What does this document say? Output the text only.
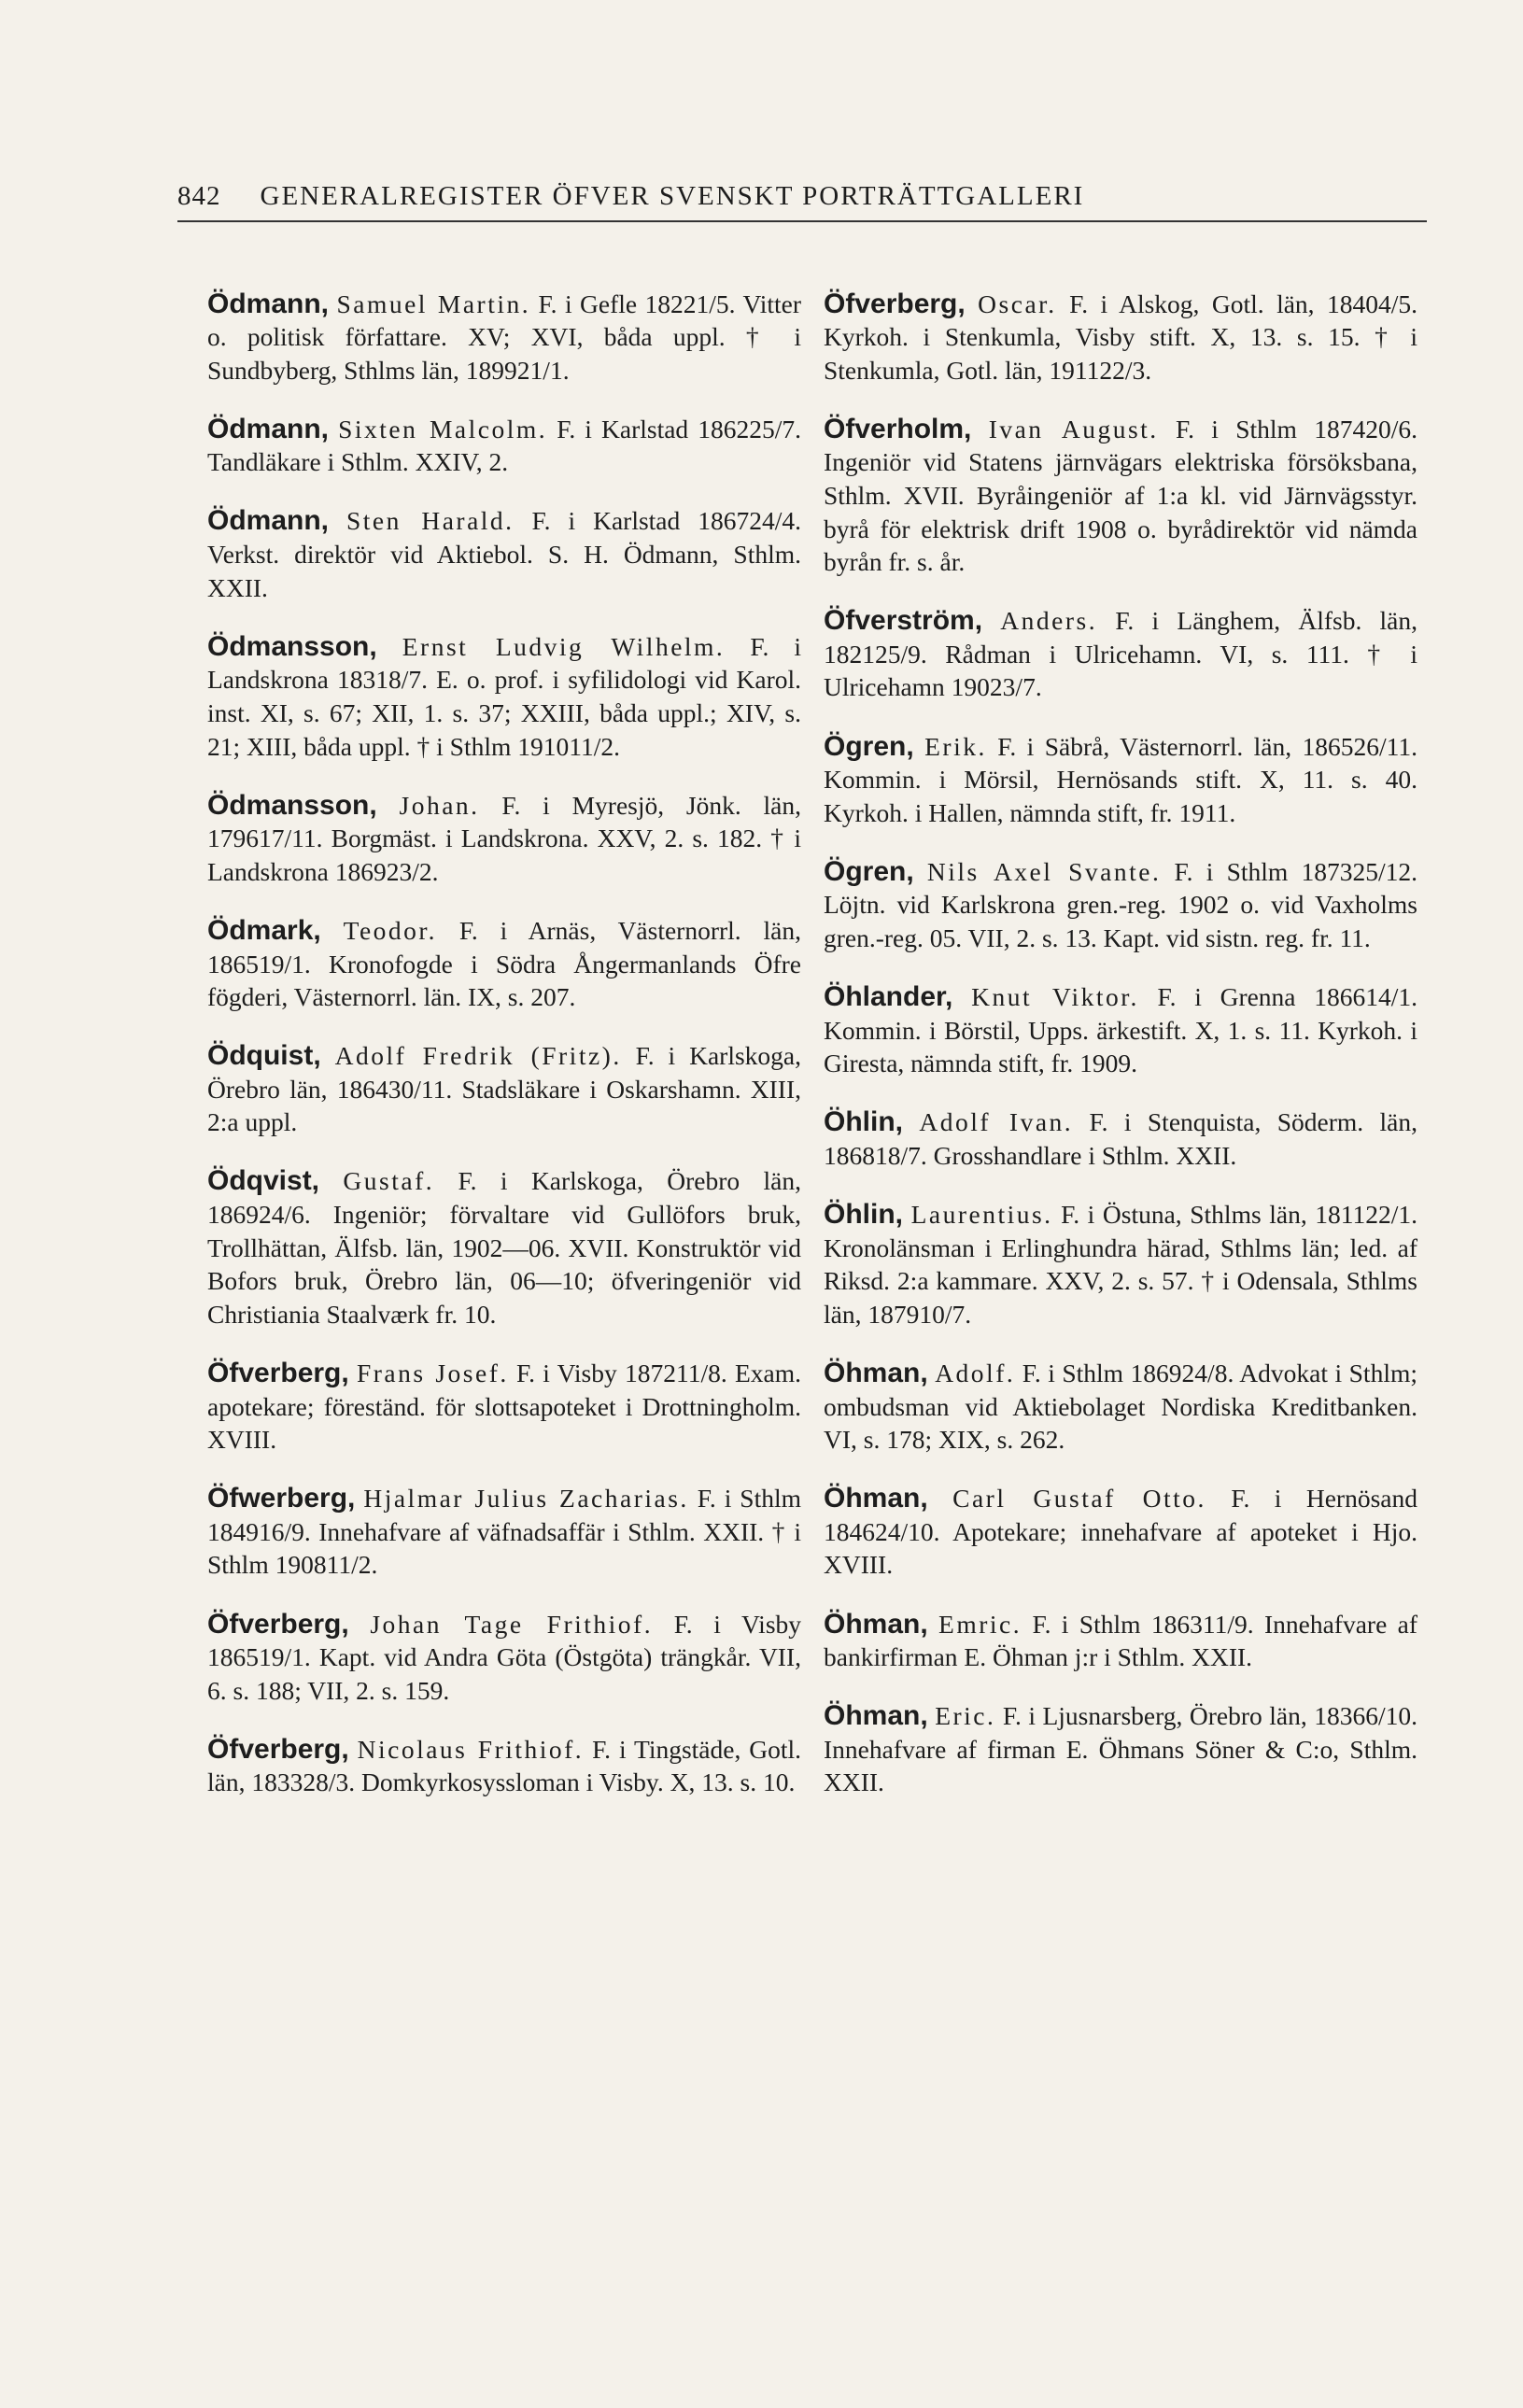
842 GENERALREGISTER ÖFVER SVENSKT PORTRÄTTGALLERI

Ödmann, Samuel Martin. F. i Gefle 18221/5. Vitter o. politisk författare. XV; XVI, båda uppl. † i Sundbyberg, Sthlms län, 189921/1.

Ödmann, Sixten Malcolm. F. i Karlstad 186225/7. Tandläkare i Sthlm. XXIV, 2.

Ödmann, Sten Harald. F. i Karlstad 186724/4. Verkst. direktör vid Aktiebol. S. H. Ödmann, Sthlm. XXII.

Ödmansson, Ernst Ludvig Wilhelm. F. i Landskrona 18318/7. E. o. prof. i syfilidologi vid Karol. inst. XI, s. 67; XII, 1. s. 37; XXIII, båda uppl.; XIV, s. 21; XIII, båda uppl. † i Sthlm 191011/2.

Ödmansson, Johan. F. i Myresjö, Jönk. län, 179617/11. Borgmäst. i Landskrona. XXV, 2. s. 182. † i Landskrona 186923/2.

Ödmark, Teodor. F. i Arnäs, Västernorrl. län, 186519/1. Kronofogde i Södra Ångermanlands Öfre fögderi, Västernorrl. län. IX, s. 207.

Ödquist, Adolf Fredrik (Fritz). F. i Karlskoga, Örebro län, 186430/11. Stadsläkare i Oskarshamn. XIII, 2:a uppl.

Ödqvist, Gustaf. F. i Karlskoga, Örebro län, 186924/6. Ingeniör; förvaltare vid Gullöfors bruk, Trollhättan, Älfsb. län, 1902—06. XVII. Konstruktör vid Bofors bruk, Örebro län, 06—10; öfveringeniör vid Christiania Staalværk fr. 10.

Öfverberg, Frans Josef. F. i Visby 187211/8. Exam. apotekare; föreständ. för slottsapoteket i Drottningholm. XVIII.

Öfwerberg, Hjalmar Julius Zacharias. F. i Sthlm 184916/9. Innehafvare af väfnadsaffär i Sthlm. XXII. † i Sthlm 190811/2.

Öfverberg, Johan Tage Frithiof. F. i Visby 186519/1. Kapt. vid Andra Göta (Östgöta) trängkår. VII, 6. s. 188; VII, 2. s. 159.

Öfverberg, Nicolaus Frithiof. F. i Tingstäde, Gotl. län, 183328/3. Domkyrkosyssloman i Visby. X, 13. s. 10.

Öfverberg, Oscar. F. i Alskog, Gotl. län, 18404/5. Kyrkoh. i Stenkumla, Visby stift. X, 13. s. 15. † i Stenkumla, Gotl. län, 191122/3.

Öfverholm, Ivan August. F. i Sthlm 187420/6. Ingeniör vid Statens järnvägars elektriska försöksbana, Sthlm. XVII. Byråingeniör af 1:a kl. vid Järnvägsstyr. byrå för elektrisk drift 1908 o. byrådirektör vid nämda byrån fr. s. år.

Öfverström, Anders. F. i Länghem, Älfsb. län, 182125/9. Rådman i Ulricehamn. VI, s. 111. † i Ulricehamn 19023/7.

Ögren, Erik. F. i Säbrå, Västernorrl. län, 186526/11. Kommin. i Mörsil, Hernösands stift. X, 11. s. 40. Kyrkoh. i Hallen, nämnda stift, fr. 1911.

Ögren, Nils Axel Svante. F. i Sthlm 187325/12. Löjtn. vid Karlskrona gren.-reg. 1902 o. vid Vaxholms gren.-reg. 05. VII, 2. s. 13. Kapt. vid sistn. reg. fr. 11.

Öhlander, Knut Viktor. F. i Grenna 186614/1. Kommin. i Börstil, Upps. ärkestift. X, 1. s. 11. Kyrkoh. i Giresta, nämnda stift, fr. 1909.

Öhlin, Adolf Ivan. F. i Stenquista, Söderm. län, 186818/7. Grosshandlare i Sthlm. XXII.

Öhlin, Laurentius. F. i Östuna, Sthlms län, 181122/1. Kronolänsman i Erlinghundra härad, Sthlms län; led. af Riksd. 2:a kammare. XXV, 2. s. 57. † i Odensala, Sthlms län, 187910/7.

Öhman, Adolf. F. i Sthlm 186924/8. Advokat i Sthlm; ombudsman vid Aktiebolaget Nordiska Kreditbanken. VI, s. 178; XIX, s. 262.

Öhman, Carl Gustaf Otto. F. i Hernösand 184624/10. Apotekare; innehafvare af apoteket i Hjo. XVIII.

Öhman, Emric. F. i Sthlm 186311/9. Innehafvare af bankirfirman E. Öhman j:r i Sthlm. XXII.

Öhman, Eric. F. i Ljusnarsberg, Örebro län, 18366/10. Innehafvare af firman E. Öhmans Söner & C:o, Sthlm. XXII.
